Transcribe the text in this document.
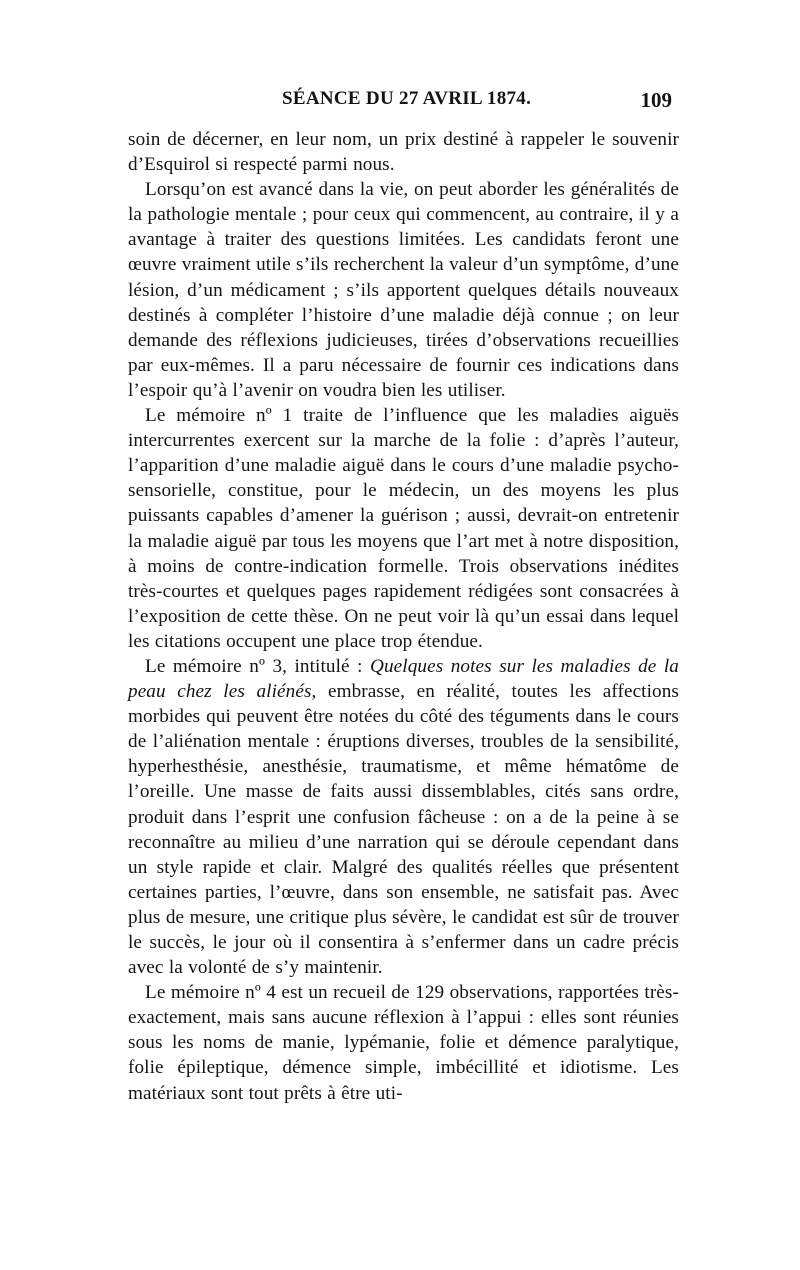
SÉANCE DU 27 AVRIL 1874.	109

soin de décerner, en leur nom, un prix destiné à rappeler le souvenir d’Esquirol si respecté parmi nous.

Lorsqu’on est avancé dans la vie, on peut aborder les généralités de la pathologie mentale ; pour ceux qui commencent, au contraire, il y a avantage à traiter des questions limitées. Les candidats feront une œuvre vraiment utile s’ils recherchent la valeur d’un symptôme, d’une lésion, d’un médicament ; s’ils apportent quelques détails nouveaux destinés à compléter l’histoire d’une maladie déjà connue ; on leur demande des réflexions judicieuses, tirées d’observations recueillies par eux-mêmes. Il a paru nécessaire de fournir ces indications dans l’espoir qu’à l’avenir on voudra bien les utiliser.

Le mémoire nº 1 traite de l’influence que les maladies aiguës intercurrentes exercent sur la marche de la folie : d’après l’auteur, l’apparition d’une maladie aiguë dans le cours d’une maladie psycho-sensorielle, constitue, pour le médecin, un des moyens les plus puissants capables d’amener la guérison ; aussi, devrait-on entretenir la maladie aiguë par tous les moyens que l’art met à notre disposition, à moins de contre-indication formelle. Trois observations inédites très-courtes et quelques pages rapidement rédigées sont consacrées à l’exposition de cette thèse. On ne peut voir là qu’un essai dans lequel les citations occupent une place trop étendue.

Le mémoire nº 3, intitulé : Quelques notes sur les maladies de la peau chez les aliénés, embrasse, en réalité, toutes les affections morbides qui peuvent être notées du côté des téguments dans le cours de l’aliénation mentale : éruptions diverses, troubles de la sensibilité, hyperhesthésie, anesthésie, traumatisme, et même hématôme de l’oreille. Une masse de faits aussi dissemblables, cités sans ordre, produit dans l’esprit une confusion fâcheuse : on a de la peine à se reconnaître au milieu d’une narration qui se déroule cependant dans un style rapide et clair. Malgré des qualités réelles que présentent certaines parties, l’œuvre, dans son ensemble, ne satisfait pas. Avec plus de mesure, une critique plus sévère, le candidat est sûr de trouver le succès, le jour où il consentira à s’enfermer dans un cadre précis avec la volonté de s’y maintenir.

Le mémoire nº 4 est un recueil de 129 observations, rapportées très-exactement, mais sans aucune réflexion à l’appui : elles sont réunies sous les noms de manie, lypémanie, folie et démence paralytique, folie épileptique, démence simple, imbécillité et idiotisme. Les matériaux sont tout prêts à être uti-
